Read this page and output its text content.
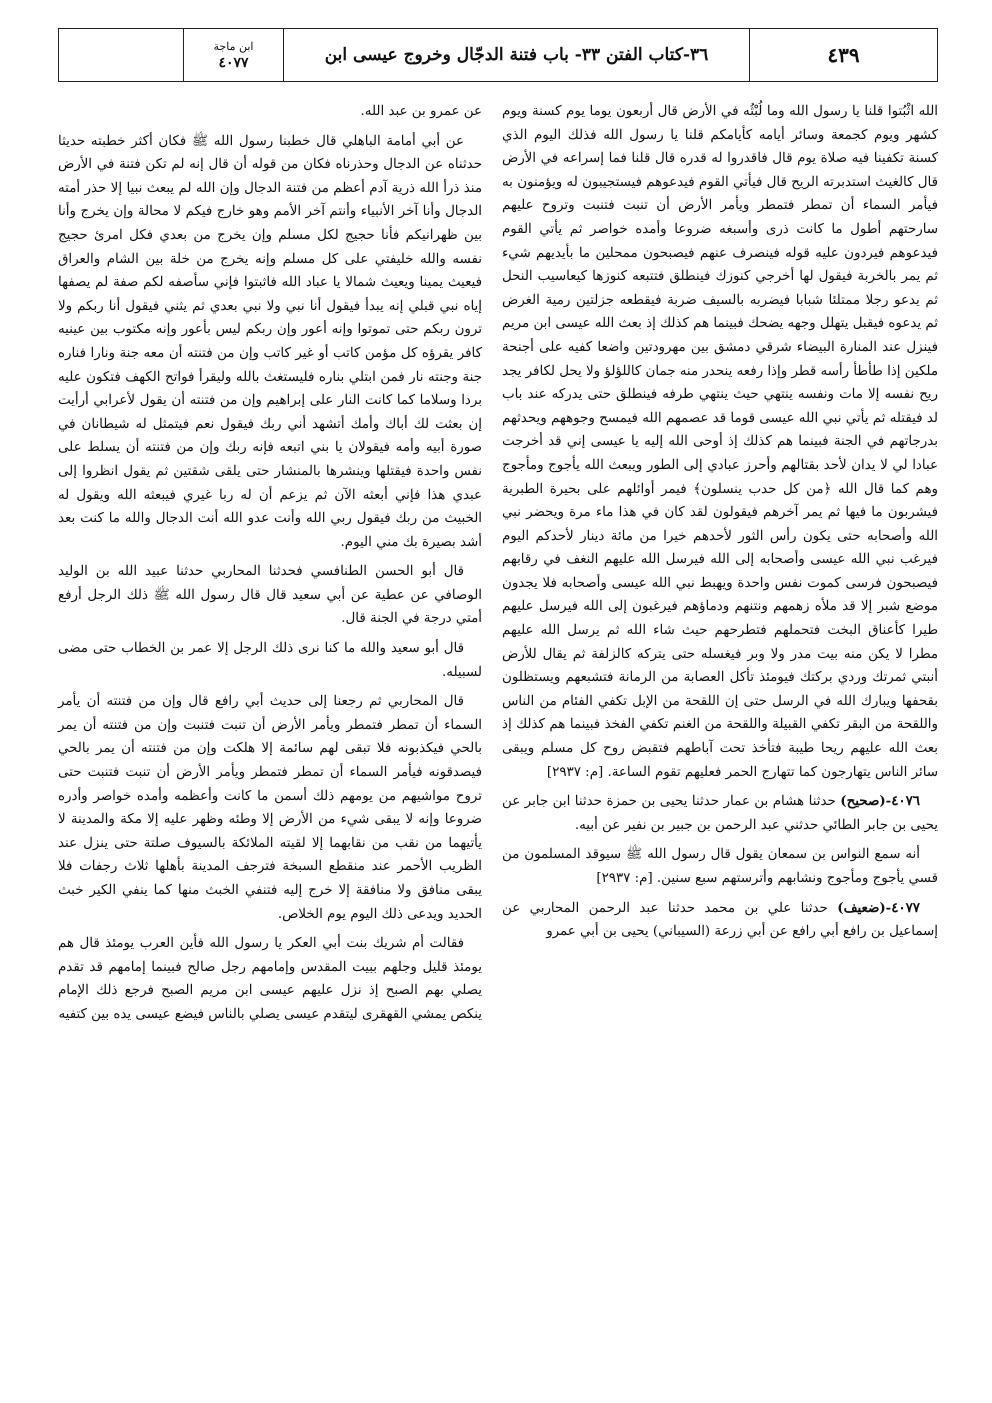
٤٣٩
٣٦-كتاب الفتن ٣٣- باب فتنة الدجّال وخروج عيسى ابن
ابن ماجة
٤٠٧٧

الله اثْبُتوا قلنا يا رسول الله وما لُبْثُه في الأرض قال أربعون يوما يوم كسنة ويوم كشهر ويوم كجمعة وسائر أيامه كأيامكم قلنا يا رسول الله فذلك اليوم الذي كسنة تكفينا فيه صلاة يوم قال فاقدروا له قدره قال قلنا فما إسراعه في الأرض قال كالغيث استدبرته الريح قال فيأتي القوم فيدعوهم فيستجيبون له ويؤمنون به فيأمر السماء أن تمطر فتمطر ويأمر الأرض أن تنبت فتنبت وتروح عليهم سارحتهم أطول ما كانت ذرى وأسبغه ضروعا وأمده خواصر ثم يأتي القوم فيدعوهم فيردون عليه قوله فينصرف عنهم فيصبحون ممحلين ما بأيديهم شيء ثم يمر بالخربة فيقول لها أخرجي كنوزك فينطلق فتتبعه كنوزها كيعاسيب النحل ثم يدعو رجلا ممتلئا شبابا فيضربه بالسيف ضربة فيقطعه جزلتين رمية الغرض ثم يدعوه فيقبل يتهلل وجهه يضحك فبينما هم كذلك إذ بعث الله عيسى ابن مريم فينزل عند المنارة البيضاء شرقي دمشق بين مهرودتين واضعا كفيه على أجنحة ملكين إذا طأطأ رأسه قطر وإذا رفعه ينحدر منه جمان كاللؤلؤ ولا يحل لكافر يجد ريح نفسه إلا مات ونفسه ينتهي حيث ينتهي طرفه فينطلق حتى يدركه عند باب لد فيقتله ثم يأتي نبي الله عيسى قوما قد عصمهم الله فيمسح وجوههم ويحدثهم بدرجاتهم في الجنة فبينما هم كذلك إذ أوحى الله إليه يا عيسى إني قد أخرجت عبادا لي لا يدان لأحد بقتالهم وأحرز عبادي إلى الطور ويبعث الله يأجوج ومأجوج وهم كما قال الله ﴿من كل حدب ينسلون﴾ فيمر أوائلهم على بحيرة الطبرية فيشربون ما فيها ثم يمر آخرهم فيقولون لقد كان في هذا ماء مرة ويحضر نبي الله وأصحابه حتى يكون رأس الثور لأحدهم خيرا من مائة دينار لأحدكم اليوم فيرغب نبي الله عيسى وأصحابه إلى الله فيرسل الله عليهم النغف في رقابهم فيصبحون فرسى كموت نفس واحدة ويهبط نبي الله عيسى وأصحابه فلا يجدون موضع شبر إلا قد ملأه زهمهم ونتنهم ودماؤهم فيرغبون إلى الله فيرسل عليهم طيرا كأعناق البخت فتحملهم فتطرحهم حيث شاء الله ثم يرسل الله عليهم مطرا لا يكن منه بيت مدر ولا وبر فيغسله حتى يتركه كالزلفة ثم يقال للأرض أنبتي ثمرتك وردي بركتك فيومئذ تأكل العصابة من الرمانة فتشبعهم ويستظلون بقحفها ويبارك الله في الرسل حتى إن اللقحة من الإبل تكفي الفئام من الناس واللقحة من البقر تكفي القبيلة واللقحة من الغنم تكفي الفخذ فبينما هم كذلك إذ بعث الله عليهم ريحا طيبة فتأخذ تحت آباطهم فتقبض روح كل مسلم ويبقى سائر الناس يتهارجون كما تتهارج الحمر فعليهم تقوم الساعة. [م: ٢٩٣٧]

٤٠٧٦-(صحيح) حدثنا هشام بن عمار حدثنا يحيى بن حمزة حدثنا ابن جابر عن يحيى بن جابر الطائي حدثني عبد الرحمن بن جبير بن نفير عن أبيه.

أنه سمع النواس بن سمعان يقول قال رسول الله ﷺ سيوقد المسلمون من قسي يأجوج ومأجوج ونشابهم وأترستهم سبع سنين. [م: ٢٩٣٧]

٤٠٧٧-(ضعيف) حدثنا علي بن محمد حدثنا عبد الرحمن المحاربي عن إسماعيل بن رافع أبي رافع عن أبي زرعة (السيباني) يحيى بن أبي عمرو

عن عمرو بن عبد الله.

عن أبي أمامة الباهلي قال خطبنا رسول الله ﷺ فكان أكثر خطبته حديثا حدثناه عن الدجال وحذرناه فكان من قوله أن قال إنه لم تكن فتنة في الأرض منذ ذرأ الله ذرية آدم أعظم من فتنة الدجال وإن الله لم يبعث نبيا إلا حذر أمته الدجال وأنا آخر الأنبياء وأنتم آخر الأمم وهو خارج فيكم لا محالة وإن يخرج وأنا بين ظهرانيكم فأنا حجيج لكل مسلم وإن يخرج من بعدي فكل امرئ حجيج نفسه والله خليفتي على كل مسلم وإنه يخرج من خلة بين الشام والعراق فيعيث يمينا ويعيث شمالا يا عباد الله فاثبتوا فإني سأصفه لكم صفة لم يصفها إياه نبي قبلي إنه يبدأ فيقول أنا نبي ولا نبي بعدي ثم يثني فيقول أنا ربكم ولا ترون ربكم حتى تموتوا وإنه أعور وإن ربكم ليس بأعور وإنه مكتوب بين عينيه كافر يقرؤه كل مؤمن كاتب أو غير كاتب وإن من فتنته أن معه جنة ونارا فناره جنة وجنته نار فمن ابتلي بناره فليستغث بالله وليقرأ فواتح الكهف فتكون عليه بردا وسلاما كما كانت النار على إبراهيم وإن من فتنته أن يقول لأعرابي أرأيت إن بعثت لك أباك وأمك أتشهد أني ربك فيقول نعم فيتمثل له شيطانان في صورة أبيه وأمه فيقولان يا بني اتبعه فإنه ربك وإن من فتنته أن يسلط على نفس واحدة فيقتلها وينشرها بالمنشار حتى يلقى شقتين ثم يقول انظروا إلى عبدي هذا فإني أبعثه الآن ثم يزعم أن له ربا غيري فيبعثه الله ويقول له الخبيث من ربك فيقول ربي الله وأنت عدو الله أنت الدجال والله ما كنت بعد أشد بصيرة بك مني اليوم.

قال أبو الحسن الطنافسي فحدثنا المحاربي حدثنا عبيد الله بن الوليد الوصافي عن عطية عن أبي سعيد قال قال رسول الله ﷺ ذلك الرجل أرفع أمتي درجة في الجنة قال.

قال أبو سعيد والله ما كنا نرى ذلك الرجل إلا عمر بن الخطاب حتى مضى لسبيله.

قال المحاربي ثم رجعنا إلى حديث أبي رافع قال وإن من فتنته أن يأمر السماء أن تمطر فتمطر ويأمر الأرض أن تنبت فتنبت وإن من فتنته أن يمر بالحي فيكذبونه فلا تبقى لهم سائمة إلا هلكت وإن من فتنته أن يمر بالحي فيصدقونه فيأمر السماء أن تمطر فتمطر ويأمر الأرض أن تنبت فتنبت حتى تروح مواشيهم من يومهم ذلك أسمن ما كانت وأعظمه وأمده خواصر وأدره ضروعا وإنه لا يبقى شيء من الأرض إلا وطئه وظهر عليه إلا مكة والمدينة لا يأتيهما من نقب من نقابهما إلا لقيته الملائكة بالسيوف صلتة حتى ينزل عند الظريب الأحمر عند منقطع السبخة فترجف المدينة بأهلها ثلاث رجفات فلا يبقى منافق ولا منافقة إلا خرج إليه فتنفي الخبث منها كما ينفي الكير خبث الحديد ويدعى ذلك اليوم يوم الخلاص.

فقالت أم شريك بنت أبي العكر يا رسول الله فأين العرب يومئذ قال هم يومئذ قليل وجلهم ببيت المقدس وإمامهم رجل صالح فبينما إمامهم قد تقدم يصلي بهم الصبح إذ نزل عليهم عيسى ابن مريم الصبح فرجع ذلك الإمام ينكص يمشي القهقرى ليتقدم عيسى يصلي بالناس فيضع عيسى يده بين كتفيه
